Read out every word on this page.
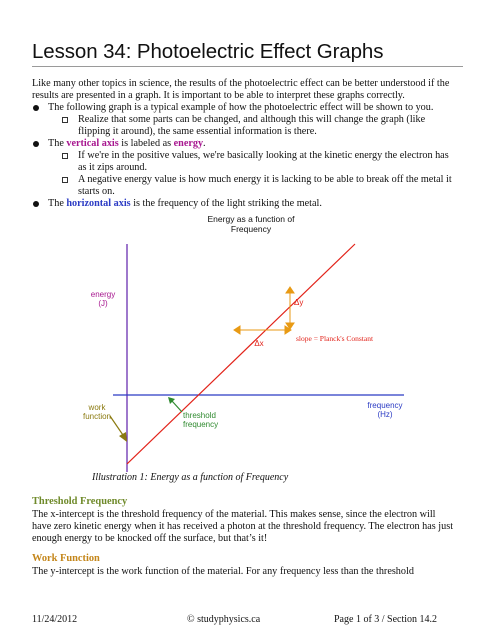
Lesson 34: Photoelectric Effect Graphs
Like many other topics in science, the results of the photoelectric effect can be better understood if the
results are presented in a graph. It is important to be able to interpret these graphs correctly.
The following graph is a typical example of how the photoelectric effect will be shown to you.
Realize that some parts can be changed, and although this will change the graph (like
flipping it around), the same essential information is there.
The vertical axis is labeled as energy.
If we're in the positive values, we're basically looking at the kinetic energy the electron has
as it zips around.
A negative energy value is how much energy it is lacking to be able to break off the metal it
starts on.
The horizontal axis is the frequency of the light striking the metal.
Energy as a function of
Frequency
energy
(J)
frequency
(Hz)
Δy
Δx
slope = Planck's Constant
work
function	threshold
frequency
Illustration 1: Energy as a function of Frequency
Threshold Frequency
The x-intercept is the threshold frequency of the material. This makes sense, since the electron will
have zero kinetic energy when it has received a photon at the threshold frequency. The electron has just
enough energy to be knocked off the surface, but that’s it!
Work Function
The y-intercept is the work function of the material. For any frequency less than the threshold
11/24/2012	© studyphysics.ca	Page 1 of 3 / Section 14.2
